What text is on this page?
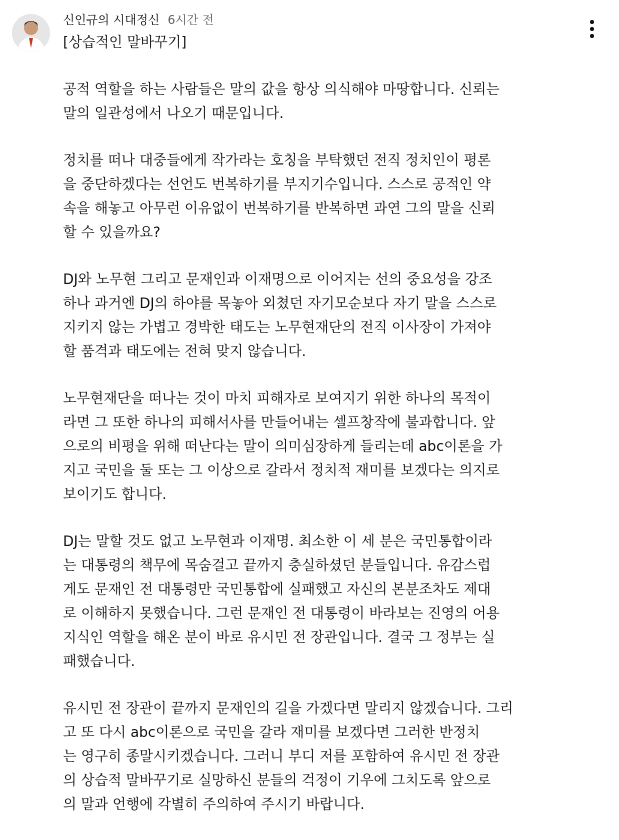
신인규의 시대정신 6시간 전
[상습적인 말바꾸기]

공적 역할을 하는 사람들은 말의 값을 항상 의식해야 마땅합니다. 신뢰는
말의 일관성에서 나오기 때문입니다.

정치를 떠나 대중들에게 작가라는 호칭을 부탁했던 전직 정치인이 평론
을 중단하겠다는 선언도 번복하기를 부지기수입니다. 스스로 공적인 약
속을 해놓고 아무런 이유없이 번복하기를 반복하면 과연 그의 말을 신뢰
할 수 있을까요?

DJ와 노무현 그리고 문재인과 이재명으로 이어지는 선의 중요성을 강조
하나 과거엔 DJ의 하야를 목놓아 외쳤던 자기모순보다 자기 말을 스스로
지키지 않는 가볍고 경박한 태도는 노무현재단의 전직 이사장이 가져야
할 품격과 태도에는 전혀 맞지 않습니다.

노무현재단을 떠나는 것이 마치 피해자로 보여지기 위한 하나의 목적이
라면 그 또한 하나의 피해서사를 만들어내는 셀프창작에 불과합니다. 앞
으로의 비평을 위해 떠난다는 말이 의미심장하게 들리는데 abc이론을 가
지고 국민을 둘 또는 그 이상으로 갈라서 정치적 재미를 보겠다는 의지로
보이기도 합니다.

DJ는 말할 것도 없고 노무현과 이재명. 최소한 이 세 분은 국민통합이라
는 대통령의 책무에 목숨걸고 끝까지 충실하셨던 분들입니다. 유감스럽
게도 문재인 전 대통령만 국민통합에 실패했고 자신의 본분조차도 제대
로 이해하지 못했습니다. 그런 문재인 전 대통령이 바라보는 진영의 어용
지식인 역할을 해온 분이 바로 유시민 전 장관입니다. 결국 그 정부는 실
패했습니다.

유시민 전 장관이 끝까지 문재인의 길을 가겠다면 말리지 않겠습니다. 그리
고 또 다시 abc이론으로 국민을 갈라 재미를 보겠다면 그러한 반정치
는 영구히 종말시키겠습니다. 그러니 부디 저를 포함하여 유시민 전 장관
의 상습적 말바꾸기로 실망하신 분들의 걱정이 기우에 그치도록 앞으로
의 말과 언행에 각별히 주의하여 주시기 바랍니다.
